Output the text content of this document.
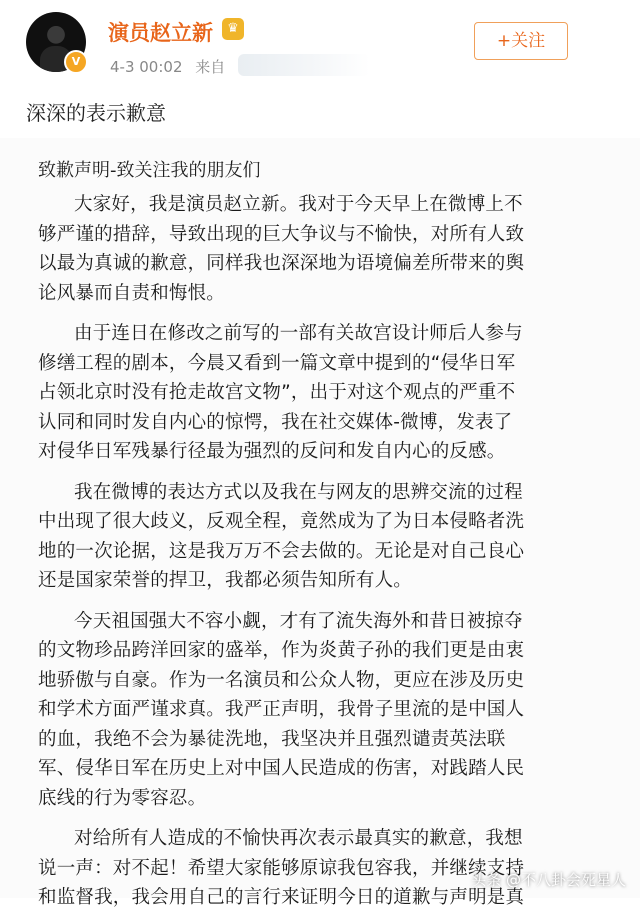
V
演员赵立新	♛
4-3 00:02 来自
+关注
深深的表示歉意
致歉声明-致关注我的朋友们
大家好，我是演员赵立新。我对于今天早上在微博上不
够严谨的措辞，导致出现的巨大争议与不愉快，对所有人致
以最为真诚的歉意，同样我也深深地为语境偏差所带来的舆
论风暴而自责和悔恨。
由于连日在修改之前写的一部有关故宫设计师后人参与
修缮工程的剧本，今晨又看到一篇文章中提到的“侵华日军
占领北京时没有抢走故宫文物”，出于对这个观点的严重不
认同和同时发自内心的惊愕，我在社交媒体-微博，发表了
对侵华日军残暴行径最为强烈的反问和发自内心的反感。
我在微博的表达方式以及我在与网友的思辨交流的过程
中出现了很大歧义，反观全程，竟然成为了为日本侵略者洗
地的一次论据，这是我万万不会去做的。无论是对自己良心
还是国家荣誉的捍卫，我都必须告知所有人。
今天祖国强大不容小觑，才有了流失海外和昔日被掠夺
的文物珍品跨洋回家的盛举，作为炎黄子孙的我们更是由衷
地骄傲与自豪。作为一名演员和公众人物，更应在涉及历史
和学术方面严谨求真。我严正声明，我骨子里流的是中国人
的血，我绝不会为暴徒洗地，我坚决并且强烈谴责英法联
军、侵华日军在历史上对中国人民造成的伤害，对践踏人民
底线的行为零容忍。
对给所有人造成的不愉快再次表示最真实的歉意，我想
说一声：对不起！希望大家能够原谅我包容我，并继续支持
和监督我，我会用自己的言行来证明今日的道歉与声明是真
头条 @不八卦会死星人
